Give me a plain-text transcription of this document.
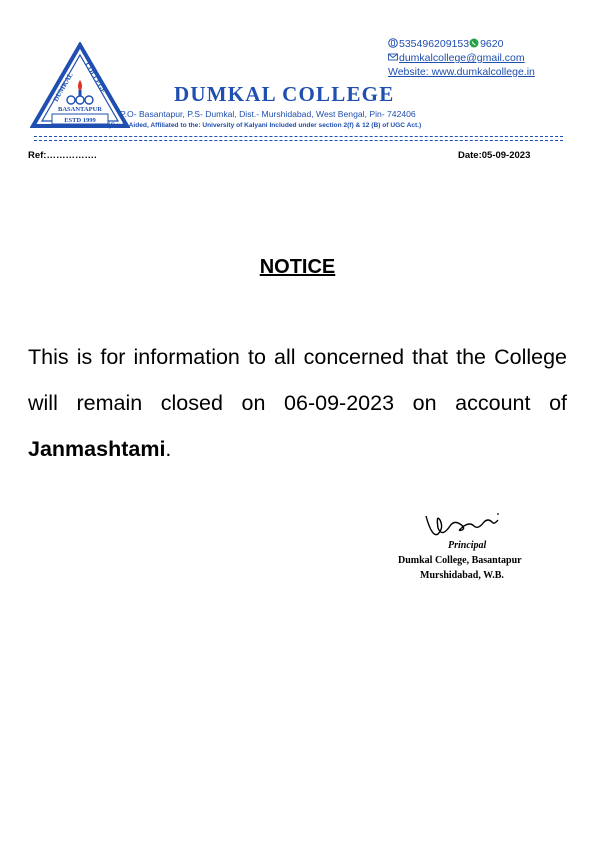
DUMKAL COLLEGE
BASANTAPUR
ESTD 1999
535496209153 9620
dumkalcollege@gmail.com
Website: www.dumkalcollege.in
DUMKAL COLLEGE
P.O- Basantapur, P.S- Dumkal, Dist.- Murshidabad, West Bengal, Pin- 742406
(Govt. Aided, Affiliated to the: University of Kalyani Included under section 2(f) & 12 (B) of UGC Act.)
Ref:…………….	Date:05-09-2023
NOTICE
This is for information to all concerned that the College will remain closed on 06-09-2023 on account of Janmashtami.
Principal
Dumkal College, Basantapur
Murshidabad, W.B.
